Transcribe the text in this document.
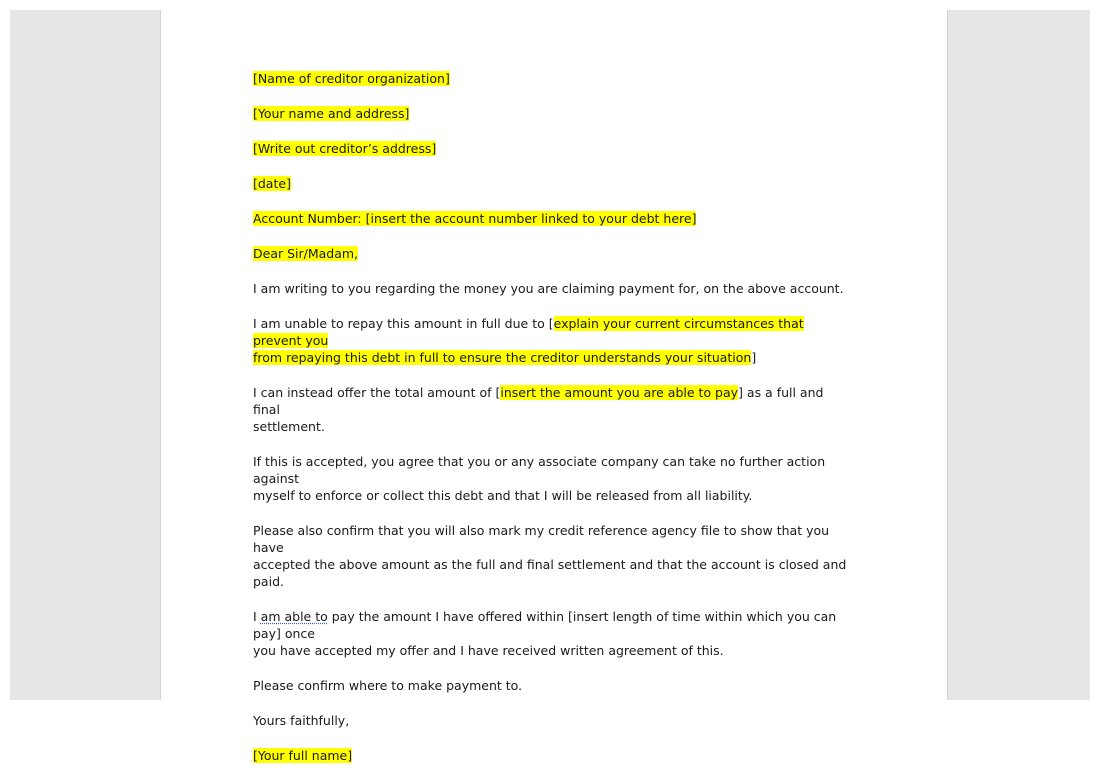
[Name of creditor organization]

[Your name and address]

[Write out creditor’s address]

[date]

Account Number: [insert the account number linked to your debt here]

Dear Sir/Madam,

I am writing to you regarding the money you are claiming payment for, on the above account.

I am unable to repay this amount in full due to [explain your current circumstances that prevent you
from repaying this debt in full to ensure the creditor understands your situation]

I can instead offer the total amount of [insert the amount you are able to pay] as a full and final
settlement.

If this is accepted, you agree that you or any associate company can take no further action against
myself to enforce or collect this debt and that I will be released from all liability.

Please also confirm that you will also mark my credit reference agency file to show that you have
accepted the above amount as the full and final settlement and that the account is closed and paid.

I am able to pay the amount I have offered within [insert length of time within which you can pay] once
you have accepted my offer and I have received written agreement of this.

Please confirm where to make payment to.

Yours faithfully,

[Your full name]
